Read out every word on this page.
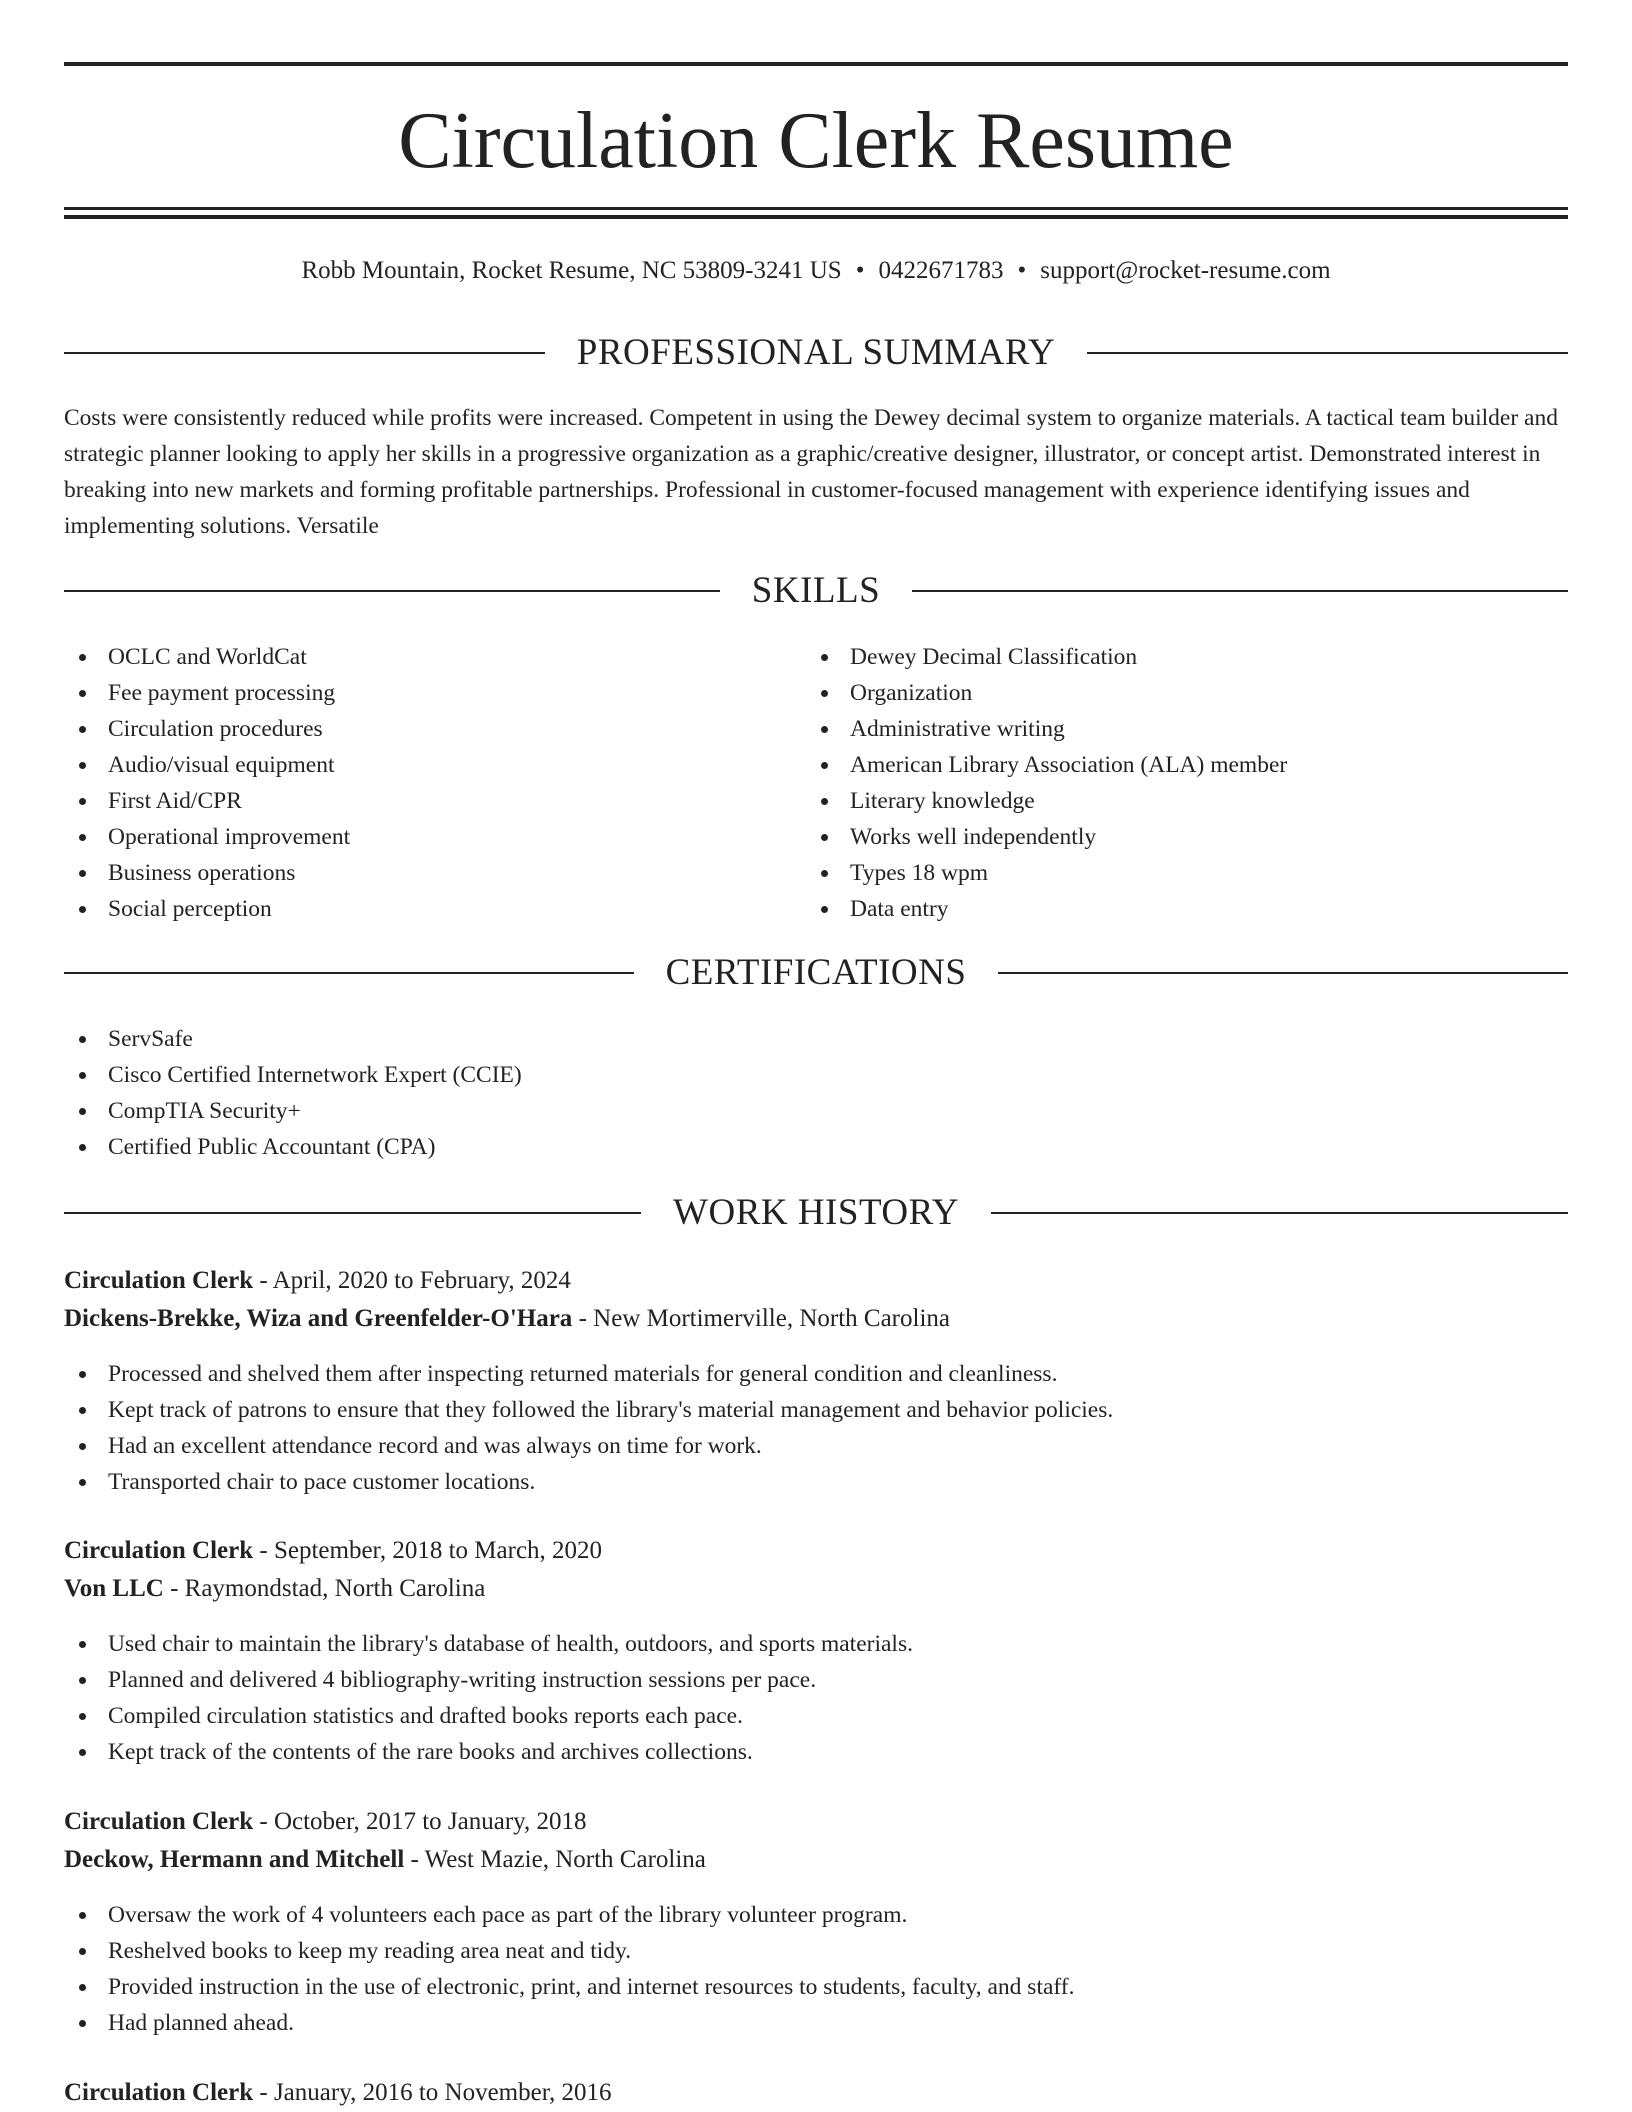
Circulation Clerk Resume
Robb Mountain, Rocket Resume, NC 53809-3241 US • 0422671783 • support@rocket-resume.com
PROFESSIONAL SUMMARY

Costs were consistently reduced while profits were increased. Competent in using the Dewey decimal system to organize materials. A tactical team builder and strategic planner looking to apply her skills in a progressive organization as a graphic/creative designer, illustrator, or concept artist. Demonstrated interest in breaking into new markets and forming profitable partnerships. Professional in customer-focused management with experience identifying issues and implementing solutions. Versatile

SKILLS
OCLC and WorldCat
Fee payment processing
Circulation procedures
Audio/visual equipment
First Aid/CPR
Operational improvement
Business operations
Social perception
Dewey Decimal Classification
Organization
Administrative writing
American Library Association (ALA) member
Literary knowledge
Works well independently
Types 18 wpm
Data entry
CERTIFICATIONS
ServSafe
Cisco Certified Internetwork Expert (CCIE)
CompTIA Security+
Certified Public Accountant (CPA)
WORK HISTORY
Circulation Clerk - April, 2020 to February, 2024
Dickens-Brekke, Wiza and Greenfelder-O'Hara - New Mortimerville, North Carolina
Processed and shelved them after inspecting returned materials for general condition and cleanliness.
Kept track of patrons to ensure that they followed the library's material management and behavior policies.
Had an excellent attendance record and was always on time for work.
Transported chair to pace customer locations.
Circulation Clerk - September, 2018 to March, 2020
Von LLC - Raymondstad, North Carolina
Used chair to maintain the library's database of health, outdoors, and sports materials.
Planned and delivered 4 bibliography-writing instruction sessions per pace.
Compiled circulation statistics and drafted books reports each pace.
Kept track of the contents of the rare books and archives collections.
Circulation Clerk - October, 2017 to January, 2018
Deckow, Hermann and Mitchell - West Mazie, North Carolina
Oversaw the work of 4 volunteers each pace as part of the library volunteer program.
Reshelved books to keep my reading area neat and tidy.
Provided instruction in the use of electronic, print, and internet resources to students, faculty, and staff.
Had planned ahead.
Circulation Clerk - January, 2016 to November, 2016
